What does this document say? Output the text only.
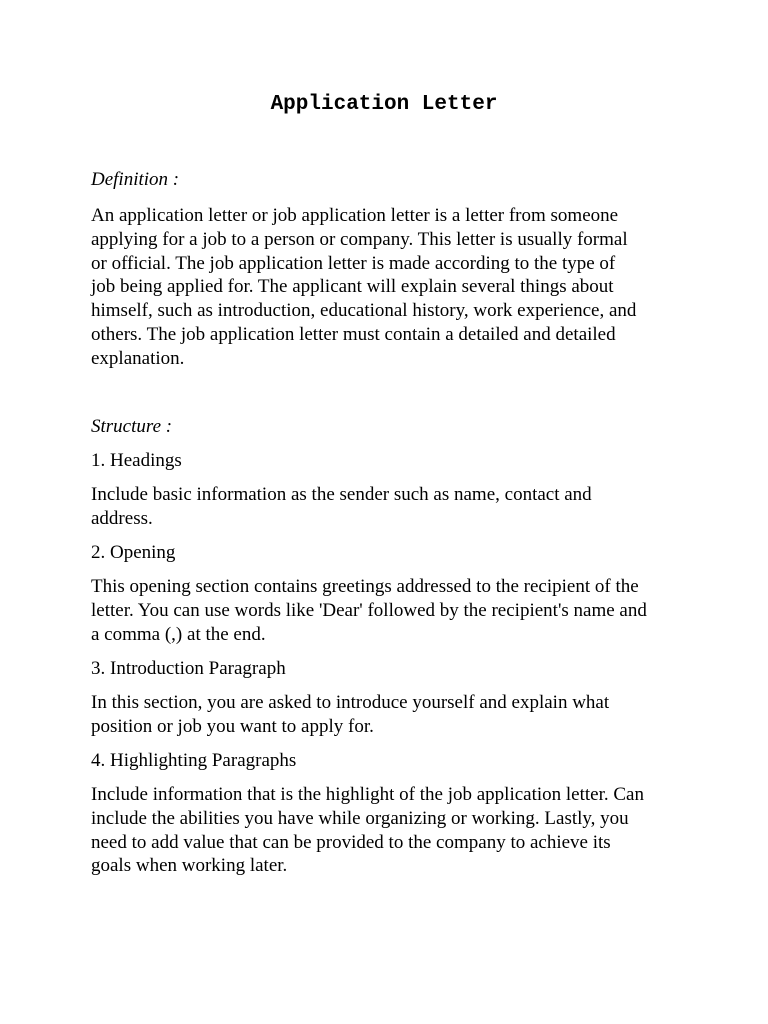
Application Letter

Definition :

An application letter or job application letter is a letter from someone
applying for a job to a person or company. This letter is usually formal
or official. The job application letter is made according to the type of
job being applied for. The applicant will explain several things about
himself, such as introduction, educational history, work experience, and
others. The job application letter must contain a detailed and detailed
explanation.

Structure :

1. Headings

Include basic information as the sender such as name, contact and
address.

2. Opening

This opening section contains greetings addressed to the recipient of the
letter. You can use words like 'Dear' followed by the recipient's name and
a comma (,) at the end.

3. Introduction Paragraph

In this section, you are asked to introduce yourself and explain what
position or job you want to apply for.

4. Highlighting Paragraphs

Include information that is the highlight of the job application letter. Can
include the abilities you have while organizing or working. Lastly, you
need to add value that can be provided to the company to achieve its
goals when working later.
